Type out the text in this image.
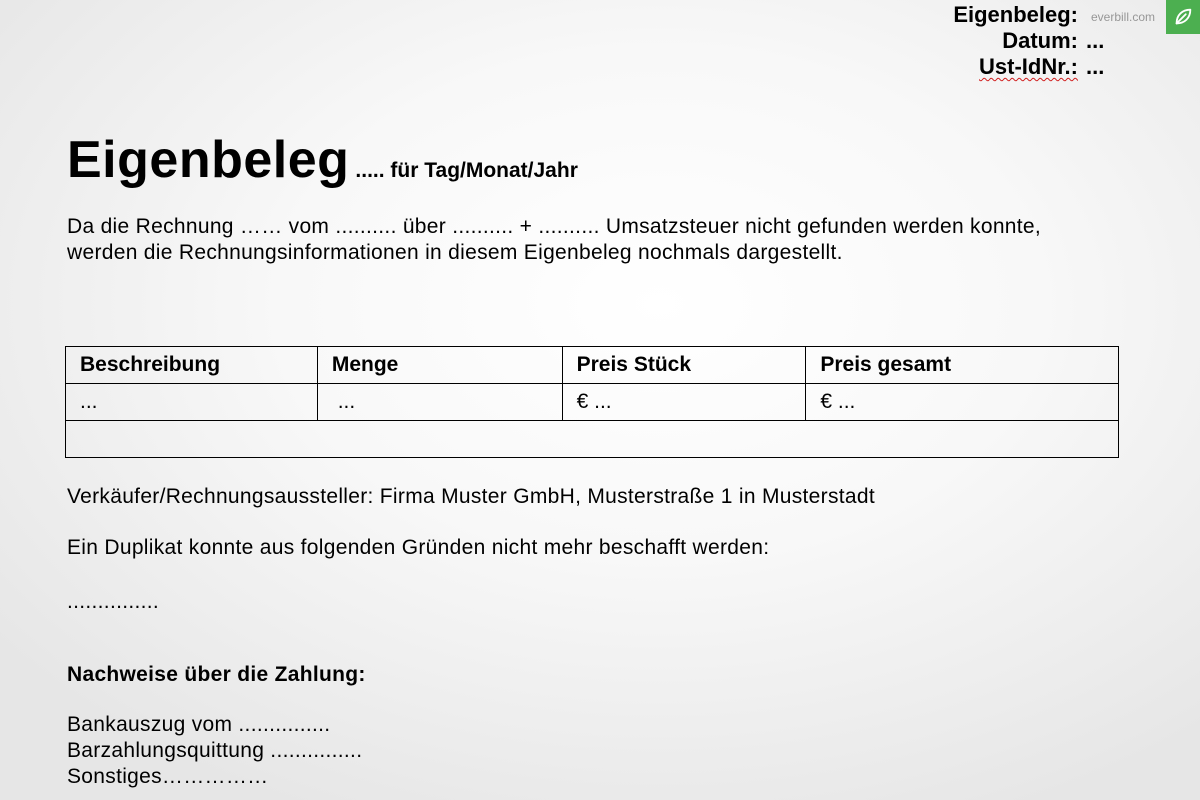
Eigenbeleg:
Datum: ...
Ust-IdNr.: ...
everbill.com
Eigenbeleg ..... für Tag/Monat/Jahr
Da die Rechnung …… vom .......... über .......... + .......... Umsatzsteuer nicht gefunden werden konnte, werden die Rechnungsinformationen in diesem Eigenbeleg nochmals dargestellt.
Beschreibung	Menge	Preis Stück	Preis gesamt
...	...	€ ...	€ ...

Verkäufer/Rechnungsaussteller: Firma Muster GmbH, Musterstraße 1 in Musterstadt
Ein Duplikat konnte aus folgenden Gründen nicht mehr beschafft werden:
...............
Nachweise über die Zahlung:
Bankauszug vom ...............
Barzahlungsquittung ...............
Sonstiges……………
